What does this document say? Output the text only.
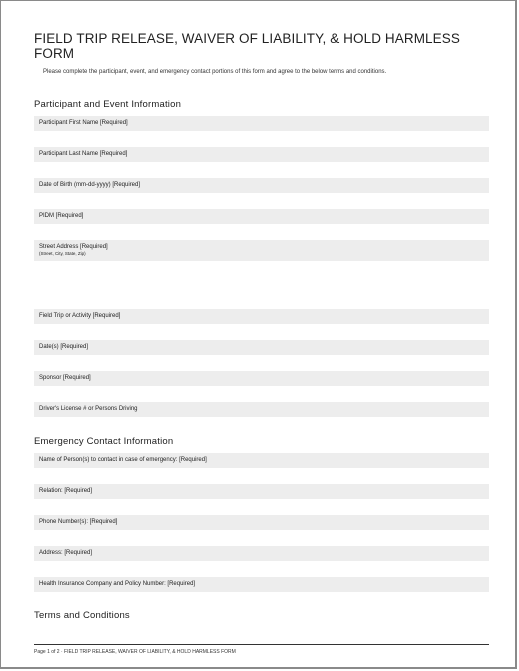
FIELD TRIP RELEASE, WAIVER OF LIABILITY, & HOLD HARMLESS FORM
Please complete the participant, event, and emergency contact portions of this form and agree to the below terms and conditions.
Participant and Event Information
Participant First Name [Required]
Participant Last Name [Required]
Date of Birth (mm-dd-yyyy) [Required]
PIDM [Required]
Street Address [Required]
(Street, City, State, Zip)
Field Trip or Activity [Required]
Date(s) [Required]
Sponsor [Required]
Driver's License # or Persons Driving
Emergency Contact Information
Name of Person(s) to contact in case of emergency: [Required]
Relation: [Required]
Phone Number(s): [Required]
Address: [Required]
Health Insurance Company and Policy Number: [Required]
Terms and Conditions
Page 1 of 2 · FIELD TRIP RELEASE, WAIVER OF LIABILITY, & HOLD HARMLESS FORM
